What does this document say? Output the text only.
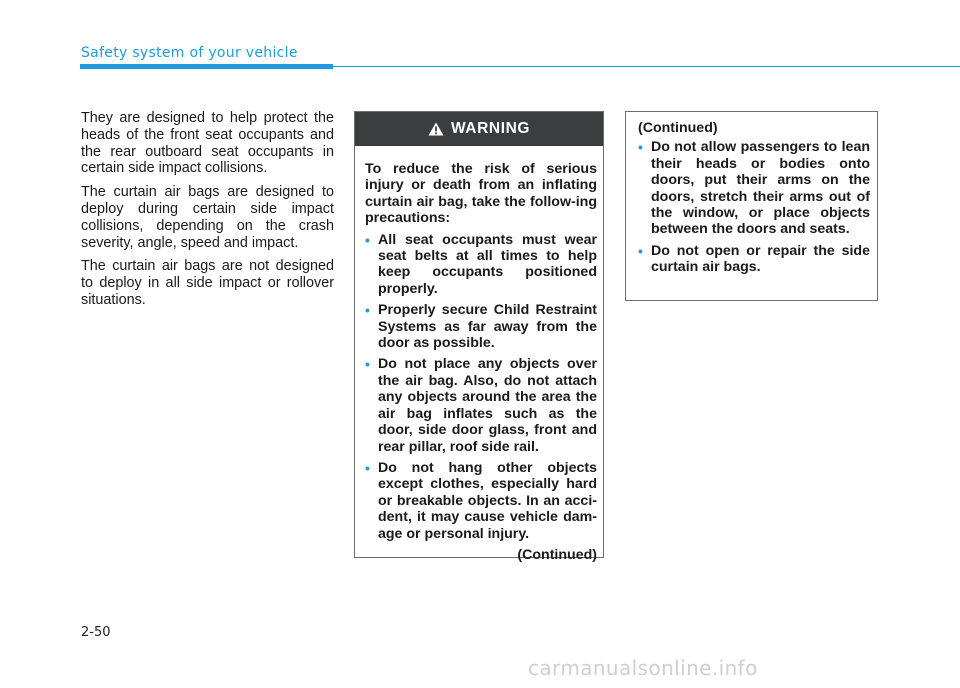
Safety system of your vehicle

They are designed to help protect the heads of the front seat occupants and the rear outboard seat occupants in certain side impact collisions.

The curtain air bags are designed to deploy during certain side impact collisions, depending on the crash severity, angle, speed and impact.

The curtain air bags are not designed to deploy in all side impact or rollover situations.

WARNING

To reduce the risk of serious injury or death from an inflating curtain air bag, take the follow-ing precautions:

• All seat occupants must wear seat belts at all times to help keep occupants positioned properly.
• Properly secure Child Restraint Systems as far away from the door as possible.
• Do not place any objects over the air bag. Also, do not attach any objects around the area the air bag inflates such as the door, side door glass, front and rear pillar, roof side rail.
• Do not hang other objects except clothes, especially hard or breakable objects. In an acci-dent, it may cause vehicle dam-age or personal injury.
(Continued)

(Continued)

• Do not allow passengers to lean their heads or bodies onto doors, put their arms on the doors, stretch their arms out of the window, or place objects between the doors and seats.
• Do not open or repair the side curtain air bags.
2-50
carmanualsonline.info
